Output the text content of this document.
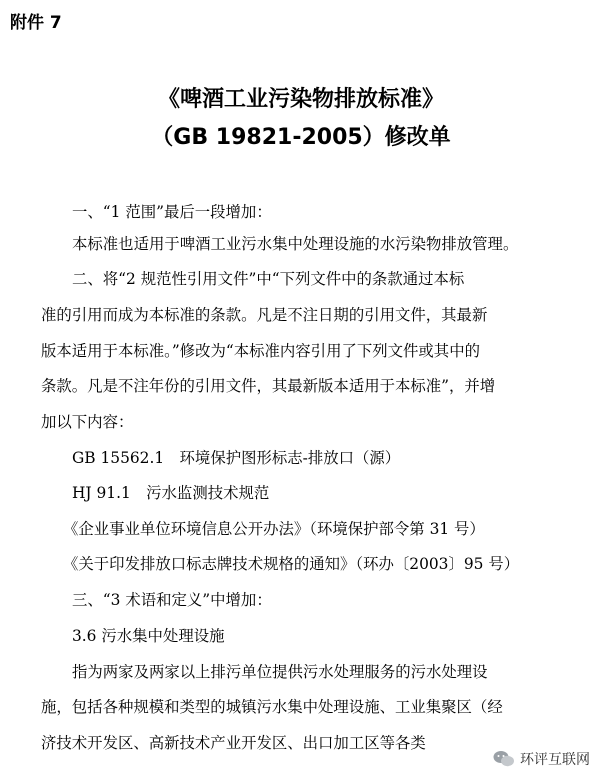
附件 7

《啤酒工业污染物排放标准》
（GB 19821-2005）修改单

一、“1 范围”最后一段增加：

本标准也适用于啤酒工业污水集中处理设施的水污染物排放管理。

二、将“2 规范性引用文件”中“下列文件中的条款通过本标

准的引用而成为本标准的条款。凡是不注日期的引用文件，其最新

版本适用于本标准。”修改为“本标准内容引用了下列文件或其中的

条款。凡是不注年份的引用文件，其最新版本适用于本标准”，并增

加以下内容：

GB 15562.1　环境保护图形标志-排放口（源）

HJ 91.1　污水监测技术规范

《企业事业单位环境信息公开办法》（环境保护部令第 31 号）

《关于印发排放口标志牌技术规格的通知》（环办〔2003〕95 号）

三、“3 术语和定义”中增加：

3.6 污水集中处理设施

指为两家及两家以上排污单位提供污水处理服务的污水处理设

施，包括各种规模和类型的城镇污水集中处理设施、工业集聚区（经

济技术开发区、高新技术产业开发区、出口加工区等各类

环评互联网
